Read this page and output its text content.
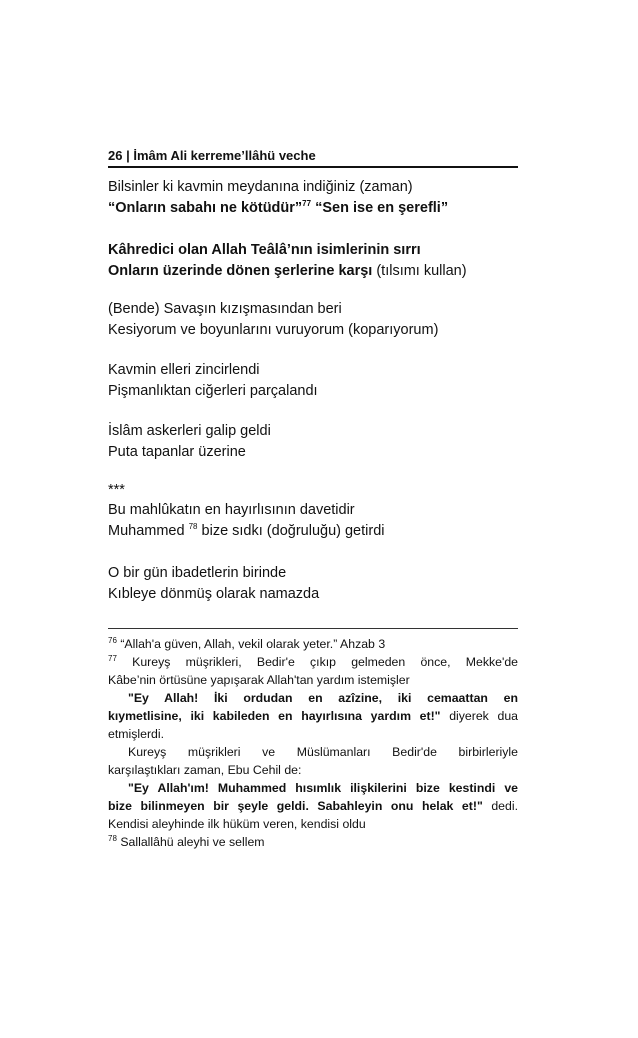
26 | İmâm Ali kerreme’llâhü veche
Bilsinler ki kavmin meydanına indiğiniz (zaman)
“Onların sabahı ne kötüdür”$^{77}$ “Sen ise en şerefli”
Kâhredici olan Allah Teâlâ’nın isimlerinin sırrı
Onların üzerinde dönen şerlerine karşı (tılsımı kullan)
(Bende) Savaşın kızışmasından beri
Kesiyorum ve boyunlarını vuruyorum (koparıyorum)
Kavmin elleri zincirlendi
Pişmanlıktan ciğerleri parçalandı
İslâm askerleri galip geldi
Puta tapanlar üzerine
***
Bu mahlûkatın en hayırlısının davetidir
Muhammed $^{78}$ bize sıdkı (doğruluğu) getirdi
O bir gün ibadetlerin birinde
Kıbleye dönmüş olarak namazda
$^{76}$ “Allah'a güven, Allah, vekil olarak yeter.” Ahzab 3
$^{77}$ Kureyş müşrikleri, Bedir'e çıkıp gelmeden önce, Mekke'de
Kâbe’nin örtüsüne yapışarak Allah'tan yardım istemişler
"Ey Allah! İki ordudan en azîzine, iki cemaattan en
kıymetlisine, iki kabileden en hayırlısına yardım et!" diyerek dua
etmişlerdi.
Kureyş müşrikleri ve Müslümanları Bedir'de birbirleriyle
karşılaştıkları zaman, Ebu Cehil de:
"Ey Allah'ım! Muhammed hısımlık ilişkilerini bize kestindi ve
bize bilinmeyen bir şeyle geldi. Sabahleyin onu helak et!" dedi.
Kendisi aleyhinde ilk hüküm veren, kendisi oldu
$^{78}$ Sallallâhü aleyhi ve sellem
